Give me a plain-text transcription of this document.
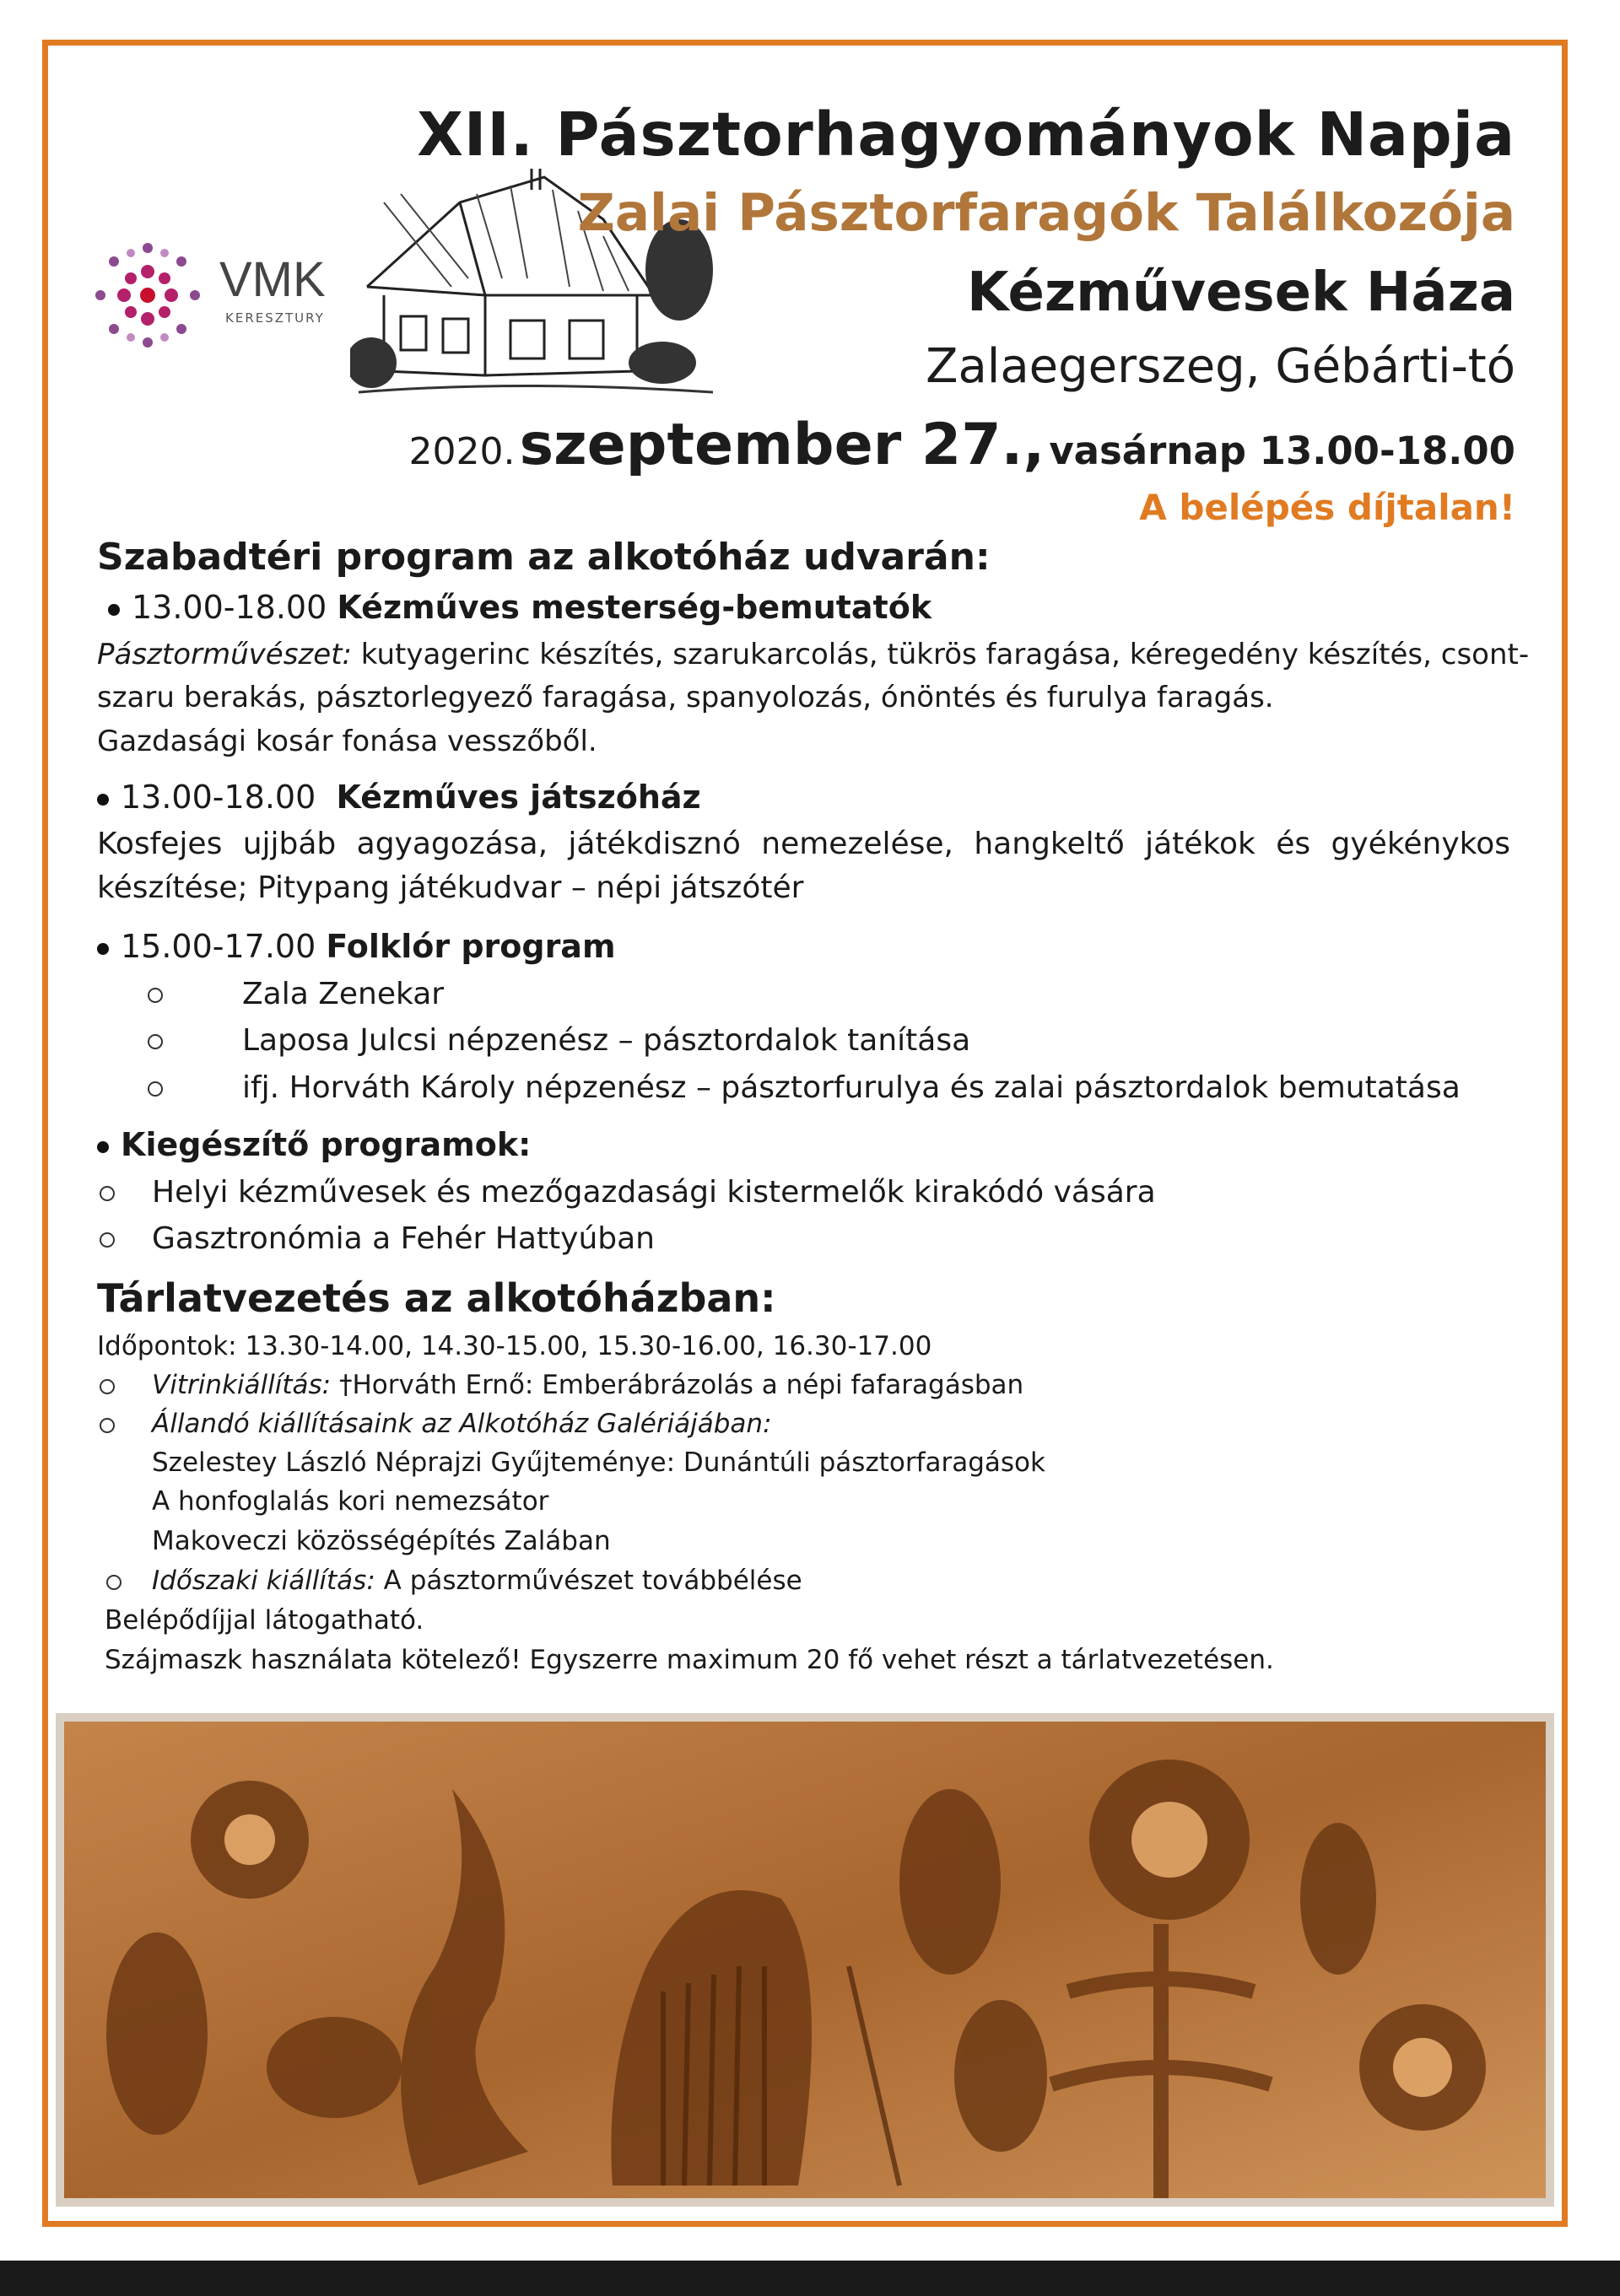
VMK
KERESZTURY
XII. Pásztorhagyományok Napja
Zalai Pásztorfaragók Találkozója
Kézművesek Háza
Zalaegerszeg, Gébárti-tó
2020. szeptember 27., vasárnap 13.00-18.00
A belépés díjtalan!
Szabadtéri program az alkotóház udvarán:
13.00-18.00 Kézműves mesterség-bemutatók
Pásztorművészet: kutyagerinc készítés, szarukarcolás, tükrös faragása, kéregedény készítés, csont-
szaru berakás, pásztorlegyező faragása, spanyolozás, ónöntés és furulya faragás.
Gazdasági kosár fonása vesszőből.
13.00-18.00 Kézműves játszóház
Kosfejes ujjbáb agyagozása, játékdisznó nemezelése, hangkeltő játékok és gyékénykos készítése; Pitypang játékudvar – népi játszótér
15.00-17.00 Folklór program
Zala Zenekar
Laposa Julcsi népzenész – pásztordalok tanítása
ifj. Horváth Károly népzenész – pásztorfurulya és zalai pásztordalok bemutatása
Kiegészítő programok:
Helyi kézművesek és mezőgazdasági kistermelők kirakódó vására
Gasztronómia a Fehér Hattyúban
Tárlatvezetés az alkotóházban:
Időpontok: 13.30-14.00, 14.30-15.00, 15.30-16.00, 16.30-17.00
Vitrinkiállítás: †Horváth Ernő: Emberábrázolás a népi fafaragásban
Állandó kiállításaink az Alkotóház Galériájában:
Szelestey László Néprajzi Gyűjteménye: Dunántúli pásztorfaragások
A honfoglalás kori nemezsátor
Makoveczi közösségépítés Zalában
Időszaki kiállítás: A pásztorművészet továbbélése
Belépődíjjal látogatható.
Szájmaszk használata kötelező! Egyszerre maximum 20 fő vehet részt a tárlatvezetésen.
